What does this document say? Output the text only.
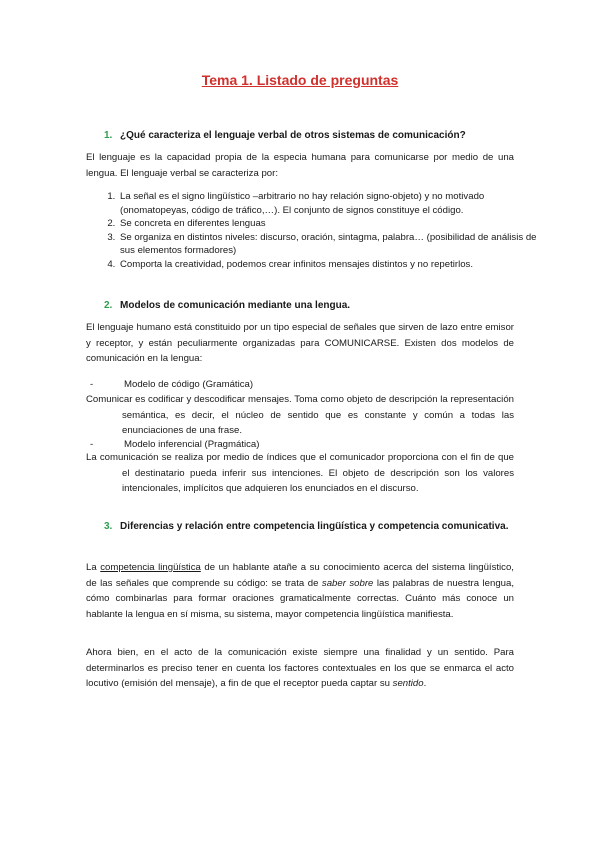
Tema 1. Listado de preguntas
1. ¿Qué caracteriza el lenguaje verbal de otros sistemas de comunicación?

El lenguaje es la capacidad propia de la especia humana para comunicarse por medio de una lengua. El lenguaje verbal se caracteriza por:

1. La señal es el signo lingüístico –arbitrario no hay relación signo-objeto) y no motivado (onomatopeyas, código de tráfico,…). El conjunto de signos constituye el código.
2. Se concreta en diferentes lenguas
3. Se organiza en distintos niveles: discurso, oración, sintagma, palabra… (posibilidad de análisis de sus elementos formadores)
4. Comporta la creatividad, podemos crear infinitos mensajes distintos y no repetirlos.
2. Modelos de comunicación mediante una lengua.

El lenguaje humano está constituido por un tipo especial de señales que sirven de lazo entre emisor y receptor, y están peculiarmente organizadas para COMUNICARSE. Existen dos modelos de comunicación en la lengua:

-	Modelo de código (Gramática)

Comunicar es codificar y descodificar mensajes. Toma como objeto de descripción la representación semántica, es decir, el núcleo de sentido que es constante y común a todas las enunciaciones de una frase.

-	Modelo inferencial (Pragmática)

La comunicación se realiza por medio de índices que el comunicador proporciona con el fin de que el destinatario pueda inferir sus intenciones. El objeto de descripción son los valores intencionales, implícitos que adquieren los enunciados en el discurso.

3. Diferencias y relación entre competencia lingüística y competencia comunicativa.

La competencia lingüística de un hablante atañe a su conocimiento acerca del sistema lingüístico, de las señales que comprende su código: se trata de saber sobre las palabras de nuestra lengua, cómo combinarlas para formar oraciones gramaticalmente correctas. Cuánto más conoce un hablante la lengua en sí misma, su sistema, mayor competencia lingüística manifiesta.

Ahora bien, en el acto de la comunicación existe siempre una finalidad y un sentido. Para determinarlos es preciso tener en cuenta los factores contextuales en los que se enmarca el acto locutivo (emisión del mensaje), a fin de que el receptor pueda captar su sentido.
